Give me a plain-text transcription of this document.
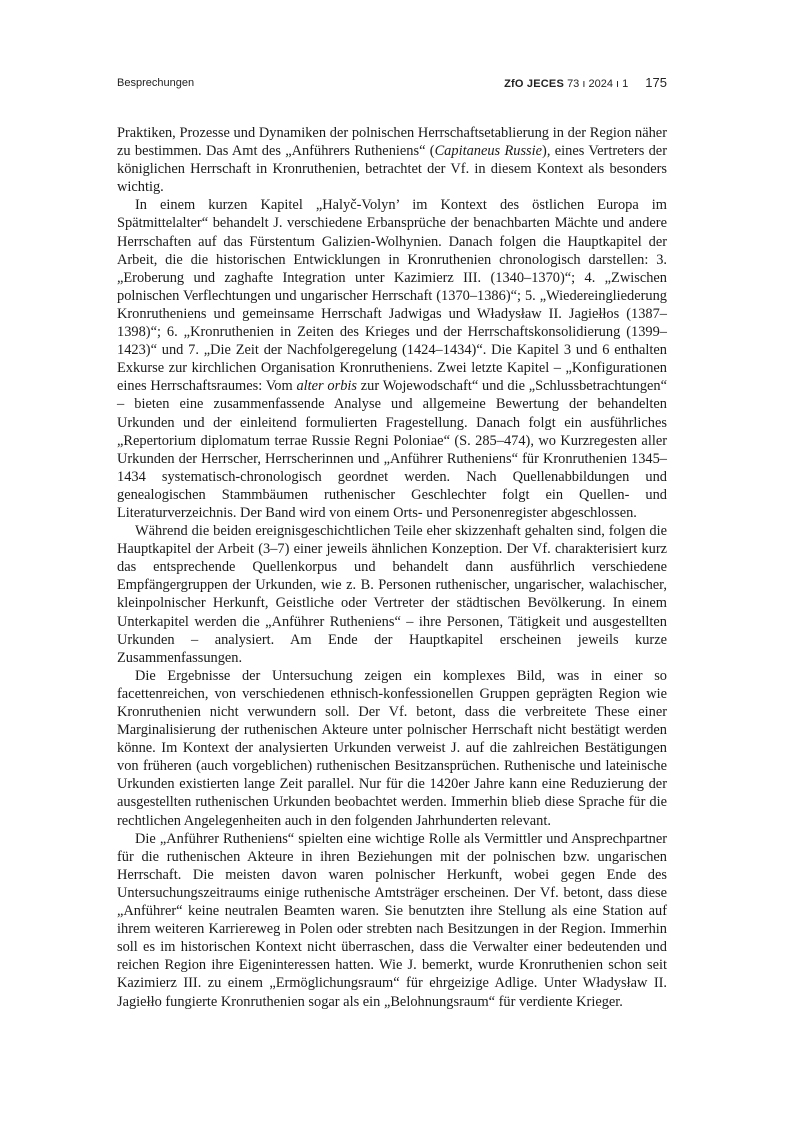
Besprechungen	ZfO JECES 73 ı 2024 ı 1 175

Praktiken, Prozesse und Dynamiken der polnischen Herrschaftsetablierung in der Region näher zu bestimmen. Das Amt des „Anführers Rutheniens“ (Capitaneus Russie), eines Vertreters der königlichen Herrschaft in Kronruthenien, betrachtet der Vf. in diesem Kontext als besonders wichtig.

In einem kurzen Kapitel „Halyč-Volyn’ im Kontext des östlichen Europa im Spätmittelalter“ behandelt J. verschiedene Erbansprüche der benachbarten Mächte und andere Herrschaften auf das Fürstentum Galizien-Wolhynien. Danach folgen die Hauptkapitel der Arbeit, die die historischen Entwicklungen in Kronruthenien chronologisch darstellen: 3. „Eroberung und zaghafte Integration unter Kazimierz III. (1340–1370)“; 4. „Zwischen polnischen Verflechtungen und ungarischer Herrschaft (1370–1386)“; 5. „Wiedereingliederung Kronrutheniens und gemeinsame Herrschaft Jadwigas und Władysław II. Jagiełłos (1387–1398)“; 6. „Kronruthenien in Zeiten des Krieges und der Herrschaftskonsolidierung (1399–1423)“ und 7. „Die Zeit der Nachfolgeregelung (1424–1434)“. Die Kapitel 3 und 6 enthalten Exkurse zur kirchlichen Organisation Kronrutheniens. Zwei letzte Kapitel – „Konfigurationen eines Herrschaftsraumes: Vom alter orbis zur Wojewodschaft“ und die „Schlussbetrachtungen“ – bieten eine zusammenfassende Analyse und allgemeine Bewertung der behandelten Urkunden und der einleitend formulierten Fragestellung. Danach folgt ein ausführliches „Repertorium diplomatum terrae Russie Regni Poloniae“ (S. 285–474), wo Kurzregesten aller Urkunden der Herrscher, Herrscherinnen und „Anführer Rutheniens“ für Kronruthenien 1345–1434 systematisch-chronologisch geordnet werden. Nach Quellenabbildungen und genealogischen Stammbäumen ruthenischer Geschlechter folgt ein Quellen- und Literaturverzeichnis. Der Band wird von einem Orts- und Personenregister abgeschlossen.

Während die beiden ereignisgeschichtlichen Teile eher skizzenhaft gehalten sind, folgen die Hauptkapitel der Arbeit (3–7) einer jeweils ähnlichen Konzeption. Der Vf. charakterisiert kurz das entsprechende Quellenkorpus und behandelt dann ausführlich verschiedene Empfängergruppen der Urkunden, wie z. B. Personen ruthenischer, ungarischer, walachischer, kleinpolnischer Herkunft, Geistliche oder Vertreter der städtischen Bevölkerung. In einem Unterkapitel werden die „Anführer Rutheniens“ – ihre Personen, Tätigkeit und ausgestellten Urkunden – analysiert. Am Ende der Hauptkapitel erscheinen jeweils kurze Zusammenfassungen.

Die Ergebnisse der Untersuchung zeigen ein komplexes Bild, was in einer so facettenreichen, von verschiedenen ethnisch-konfessionellen Gruppen geprägten Region wie Kronruthenien nicht verwundern soll. Der Vf. betont, dass die verbreitete These einer Marginalisierung der ruthenischen Akteure unter polnischer Herrschaft nicht bestätigt werden könne. Im Kontext der analysierten Urkunden verweist J. auf die zahlreichen Bestätigungen von früheren (auch vorgeblichen) ruthenischen Besitzansprüchen. Ruthenische und lateinische Urkunden existierten lange Zeit parallel. Nur für die 1420er Jahre kann eine Reduzierung der ausgestellten ruthenischen Urkunden beobachtet werden. Immerhin blieb diese Sprache für die rechtlichen Angelegenheiten auch in den folgenden Jahrhunderten relevant.

Die „Anführer Rutheniens“ spielten eine wichtige Rolle als Vermittler und Ansprechpartner für die ruthenischen Akteure in ihren Beziehungen mit der polnischen bzw. ungarischen Herrschaft. Die meisten davon waren polnischer Herkunft, wobei gegen Ende des Untersuchungszeitraums einige ruthenische Amtsträger erscheinen. Der Vf. betont, dass diese „Anführer“ keine neutralen Beamten waren. Sie benutzten ihre Stellung als eine Station auf ihrem weiteren Karriereweg in Polen oder strebten nach Besitzungen in der Region. Immerhin soll es im historischen Kontext nicht überraschen, dass die Verwalter einer bedeutenden und reichen Region ihre Eigeninteressen hatten. Wie J. bemerkt, wurde Kronruthenien schon seit Kazimierz III. zu einem „Ermöglichungsraum“ für ehrgeizige Adlige. Unter Władysław II. Jagiełło fungierte Kronruthenien sogar als ein „Belohnungsraum“ für verdiente Krieger.
